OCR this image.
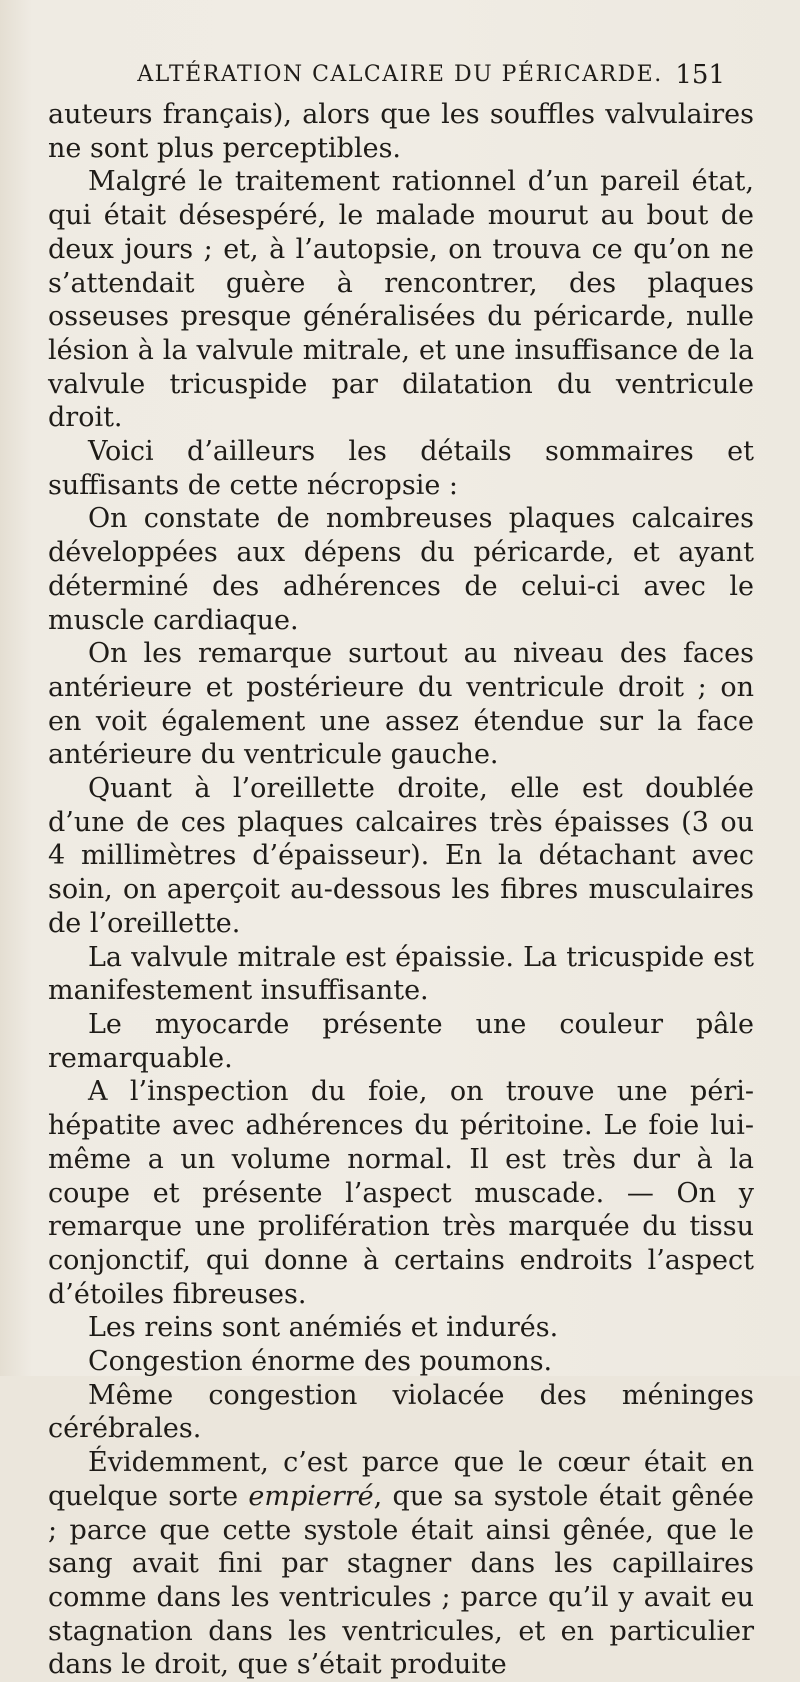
ALTÉRATION CALCAIRE DU PÉRICARDE. 151

auteurs français), alors que les souffles valvulaires ne sont plus perceptibles.

Malgré le traitement rationnel d’un pareil état, qui était désespéré, le malade mourut au bout de deux jours ; et, à l’autopsie, on trouva ce qu’on ne s’attendait guère à rencontrer, des plaques osseuses presque généralisées du péricarde, nulle lésion à la valvule mitrale, et une insuffisance de la valvule tricuspide par dilatation du ventricule droit.

Voici d’ailleurs les détails sommaires et suffisants de cette nécropsie :

On constate de nombreuses plaques calcaires développées aux dépens du péricarde, et ayant déterminé des adhérences de celui-ci avec le muscle cardiaque.

On les remarque surtout au niveau des faces antérieure et postérieure du ventricule droit ; on en voit également une assez étendue sur la face antérieure du ventricule gauche.

Quant à l’oreillette droite, elle est doublée d’une de ces plaques calcaires très épaisses (3 ou 4 millimètres d’épaisseur). En la détachant avec soin, on aperçoit au-dessous les fibres musculaires de l’oreillette.

La valvule mitrale est épaissie. La tricuspide est manifestement insuffisante.

Le myocarde présente une couleur pâle remarquable.

A l’inspection du foie, on trouve une péri-hépatite avec adhérences du péritoine. Le foie lui-même a un volume normal. Il est très dur à la coupe et présente l’aspect muscade. — On y remarque une prolifération très marquée du tissu conjonctif, qui donne à certains endroits l’aspect d’étoiles fibreuses.

Les reins sont anémiés et indurés.

Congestion énorme des poumons.

Même congestion violacée des méninges cérébrales.

Évidemment, c’est parce que le cœur était en quelque sorte empierré, que sa systole était gênée ; parce que cette systole était ainsi gênée, que le sang avait fini par stagner dans les capillaires comme dans les ventricules ; parce qu’il y avait eu stagnation dans les ventricules, et en particulier dans le droit, que s’était produite
